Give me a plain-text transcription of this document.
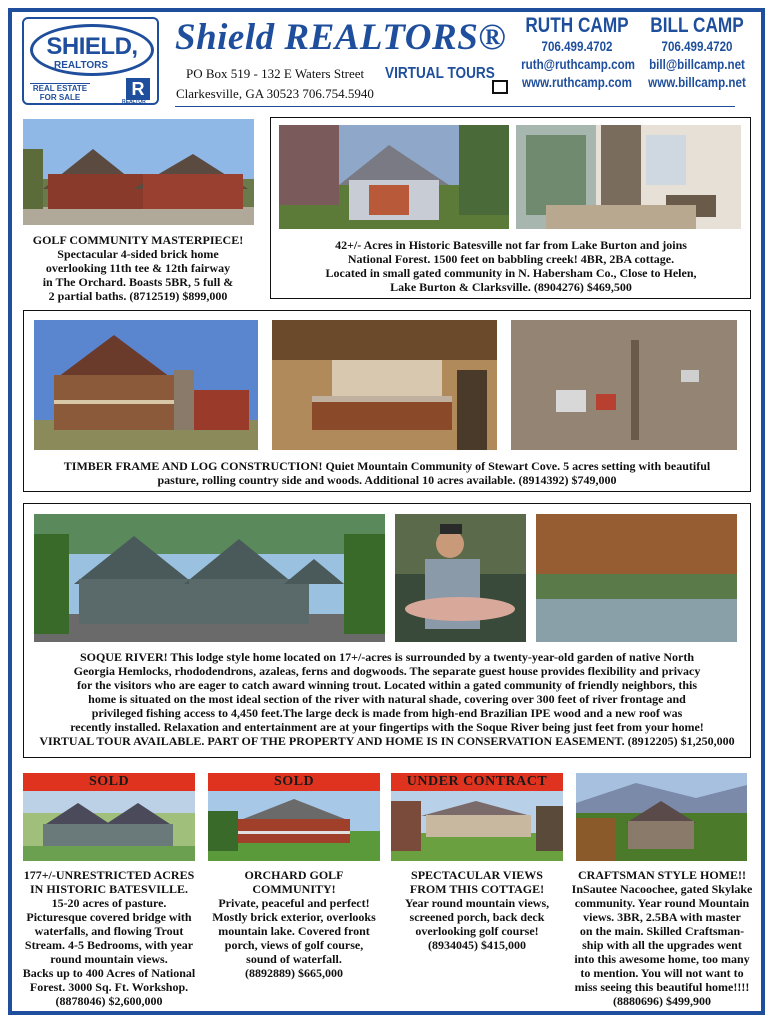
SHIELD,
REALTORS
REAL ESTATE
FOR SALE	R
REALTOR
Shield REALTORS®
PO Box 519 - 132 E Waters Street
Clarkesville, GA 30523 706.754.5940
VIRTUAL TOURS
RUTH CAMP
706.499.4702
ruth@ruthcamp.com
www.ruthcamp.com
BILL CAMP
706.499.4720
bill@billcamp.net
www.billcamp.net
GOLF COMMUNITY MASTERPIECE!
Spectacular 4-sided brick home
overlooking 11th tee & 12th fairway
in The Orchard. Boasts 5BR, 5 full &
2 partial baths. (8712519) $899,000
42+/- Acres in Historic Batesville not far from Lake Burton and joins
National Forest. 1500 feet on babbling creek! 4BR, 2BA cottage.
Located in small gated community in N. Habersham Co., Close to Helen,
Lake Burton & Clarksville. (8904276) $469,500
TIMBER FRAME AND LOG CONSTRUCTION! Quiet Mountain Community of Stewart Cove. 5 acres setting with beautiful
pasture, rolling country side and woods. Additional 10 acres available. (8914392) $749,000
SOQUE RIVER! This lodge style home located on 17+/-acres is surrounded by a twenty-year-old garden of native North
Georgia Hemlocks, rhododendrons, azaleas, ferns and dogwoods. The separate guest house provides flexibility and privacy
for the visitors who are eager to catch award winning trout. Located within a gated community of friendly neighbors, this
home is situated on the most ideal section of the river with natural shade, covering over 300 feet of river frontage and
privileged fishing access to 4,450 feet.The large deck is made from high-end Brazilian IPE wood and a new roof was
recently installed. Relaxation and entertainment are at your fingertips with the Soque River being just feet from your home!
VIRTUAL TOUR AVAILABLE. PART OF THE PROPERTY AND HOME IS IN CONSERVATION EASEMENT. (8912205) $1,250,000
SOLD
177+/-UNRESTRICTED ACRES
IN HISTORIC BATESVILLE.
15-20 acres of pasture.
Picturesque covered bridge with
waterfalls, and flowing Trout
Stream. 4-5 Bedrooms, with year
round mountain views.
Backs up to 400 Acres of National
Forest. 3000 Sq. Ft. Workshop.
(8878046) $2,600,000
SOLD
ORCHARD GOLF
COMMUNITY!
Private, peaceful and perfect!
Mostly brick exterior, overlooks
mountain lake. Covered front
porch, views of golf course,
sound of waterfall.
(8892889) $665,000
UNDER CONTRACT
SPECTACULAR VIEWS
FROM THIS COTTAGE!
Year round mountain views,
screened porch, back deck
overlooking golf course!
(8934045) $415,000
CRAFTSMAN STYLE HOME!!
InSautee Nacoochee, gated Skylake
community. Year round Mountain
views. 3BR, 2.5BA with master
on the main. Skilled Craftsman-
ship with all the upgrades went
into this awesome home, too many
to mention. You will not want to
miss seeing this beautiful home!!!!
(8880696) $499,900
